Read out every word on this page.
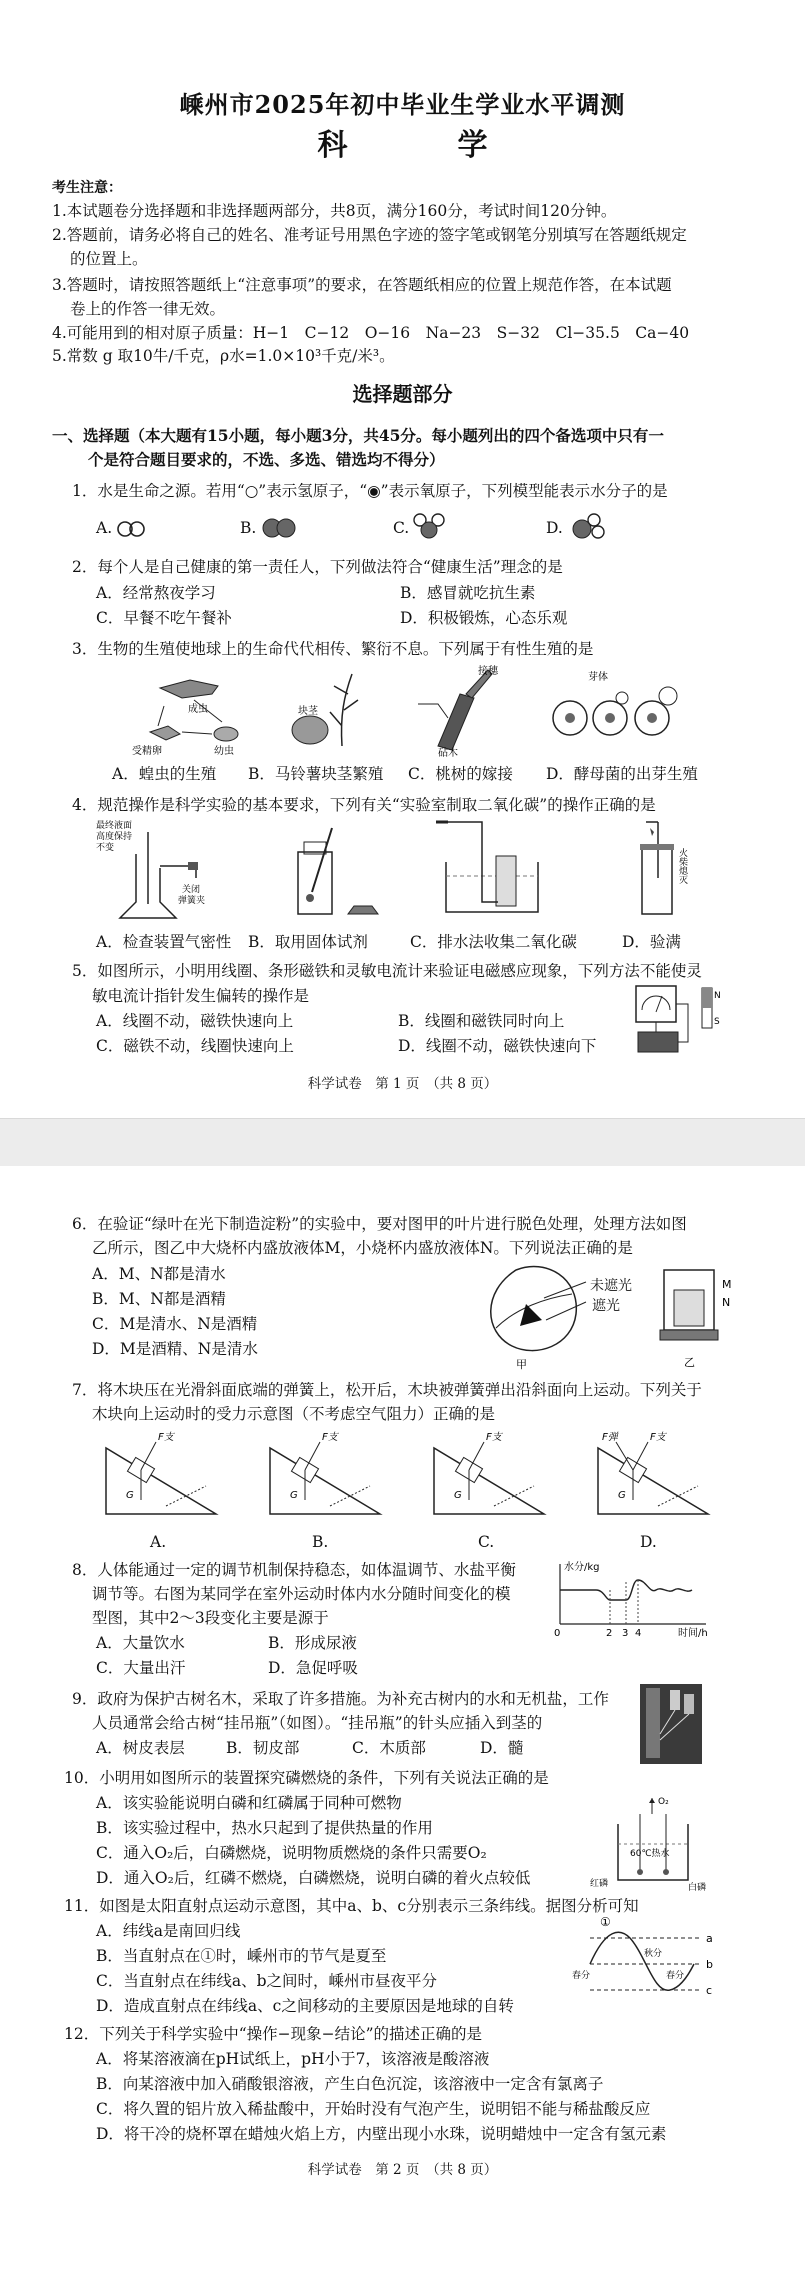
嵊州市2025年初中毕业生学业水平调测
科　学
考生注意：
1.本试题卷分选择题和非选择题两部分，共8页，满分160分，考试时间120分钟。
2.答题前，请务必将自己的姓名、准考证号用黑色字迹的签字笔或钢笔分别填写在答题纸规定
的位置上。
3.答题时，请按照答题纸上“注意事项”的要求，在答题纸相应的位置上规范作答，在本试题
卷上的作答一律无效。
4.可能用到的相对原子质量：H−1　C−12　O−16　Na−23　S−32　Cl−35.5　Ca−40
5.常数 g 取10牛/千克，ρ水=1.0×10³千克/米³。
选择题部分
一、选择题（本大题有15小题，每小题3分，共45分。每小题列出的四个备选项中只有一
个是符合题目要求的，不选、多选、错选均不得分）
1．水是生命之源。若用“○”表示氢原子，“◉”表示氧原子，下列模型能表示水分子的是
A.	B.	C.	D.
2．每个人是自己健康的第一责任人，下列做法符合“健康生活”理念的是
A．经常熬夜学习	B．感冒就吃抗生素
C．早餐不吃午餐补	D．积极锻炼，心态乐观
3．生物的生殖使地球上的生命代代相传、繁衍不息。下列属于有性生殖的是
成虫
受精卵	幼虫
块茎
接穗
砧木
芽体
A．蝗虫的生殖 B．马铃薯块茎繁殖 C．桃树的嫁接 D．酵母菌的出芽生殖
4．规范操作是科学实验的基本要求，下列有关“实验室制取二氧化碳”的操作正确的是
最终液面
高度保持
不变
关闭
弹簧夹
火柴熄灭
A．检查装置气密性 B．取用固体试剂	C．排水法收集二氧化碳	D．验满
5．如图所示，小明用线圈、条形磁铁和灵敏电流计来验证电磁感应现象，下列方法不能使灵
敏电流计指针发生偏转的操作是
A．线圈不动，磁铁快速向上	B．线圈和磁铁同时向上
C．磁铁不动，线圈快速向上	D．线圈不动，磁铁快速向下
N
S
科学试卷　第 1 页　（共 8 页）
6．在验证“绿叶在光下制造淀粉”的实验中，要对图甲的叶片进行脱色处理，处理方法如图
乙所示，图乙中大烧杯内盛放液体M，小烧杯内盛放液体N。下列说法正确的是
A．M、N都是清水
B．M、N都是酒精
C．M是清水、N是酒精
D．M是酒精、N是清水
甲
未遮光
遮光
M
N
乙
7．将木块压在光滑斜面底端的弹簧上，松开后，木块被弹簧弹出沿斜面向上运动。下列关于
木块向上运动时的受力示意图（不考虑空气阻力）正确的是
G
F支
G
F支
G
F支
G
F支
F弹
A.	B.	C.	D.
8．人体能通过一定的调节机制保持稳态，如体温调节、水盐平衡
调节等。右图为某同学在室外运动时体内水分随时间变化的模
型图，其中2～3段变化主要是源于
A．大量饮水	B．形成尿液
C．大量出汗	D．急促呼吸
水分/kg
0	2 3 4	时间/h
9．政府为保护古树名木，采取了许多措施。为补充古树内的水和无机盐，工作
人员通常会给古树“挂吊瓶”（如图）。“挂吊瓶”的针头应插入到茎的
A．树皮表层	B．韧皮部	C．木质部	D．髓
10．小明用如图所示的装置探究磷燃烧的条件，下列有关说法正确的是
A．该实验能说明白磷和红磷属于同种可燃物
B．该实验过程中，热水只起到了提供热量的作用
C．通入O₂后，白磷燃烧，说明物质燃烧的条件只需要O₂
D．通入O₂后，红磷不燃烧，白磷燃烧，说明白磷的着火点较低
O₂
60℃热水
红磷	白磷
11．如图是太阳直射点运动示意图，其中a、b、c分别表示三条纬线。据图分析可知
A．纬线a是南回归线
B．当直射点在①时，嵊州市的节气是夏至
C．当直射点在纬线a、b之间时，嵊州市昼夜平分
D．造成直射点在纬线a、c之间移动的主要原因是地球的自转
①
春分
秋分
春分
a
b
c
12．下列关于科学实验中“操作−现象−结论”的描述正确的是
A．将某溶液滴在pH试纸上，pH小于7，该溶液是酸溶液
B．向某溶液中加入硝酸银溶液，产生白色沉淀，该溶液中一定含有氯离子
C．将久置的铝片放入稀盐酸中，开始时没有气泡产生，说明铝不能与稀盐酸反应
D．将干冷的烧杯罩在蜡烛火焰上方，内壁出现小水珠，说明蜡烛中一定含有氢元素
科学试卷　第 2 页　（共 8 页）
